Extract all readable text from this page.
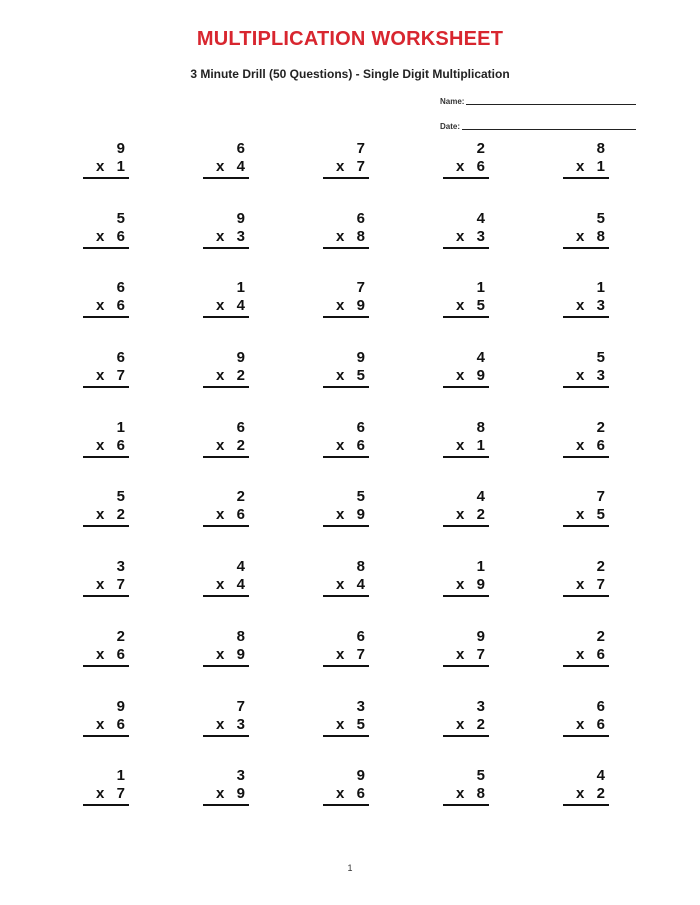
MULTIPLICATION WORKSHEET
3 Minute Drill (50 Questions) - Single Digit Multiplication
Name:
Date:
9
x 1
6
x 4
7
x 7
2
x 6
8
x 1
5
x 6
9
x 3
6
x 8
4
x 3
5
x 8
6
x 6
1
x 4
7
x 9
1
x 5
1
x 3
6
x 7
9
x 2
9
x 5
4
x 9
5
x 3
1
x 6
6
x 2
6
x 6
8
x 1
2
x 6
5
x 2
2
x 6
5
x 9
4
x 2
7
x 5
3
x 7
4
x 4
8
x 4
1
x 9
2
x 7
2
x 6
8
x 9
6
x 7
9
x 7
2
x 6
9
x 6
7
x 3
3
x 5
3
x 2
6
x 6
1
x 7
3
x 9
9
x 6
5
x 8
4
x 2
1
